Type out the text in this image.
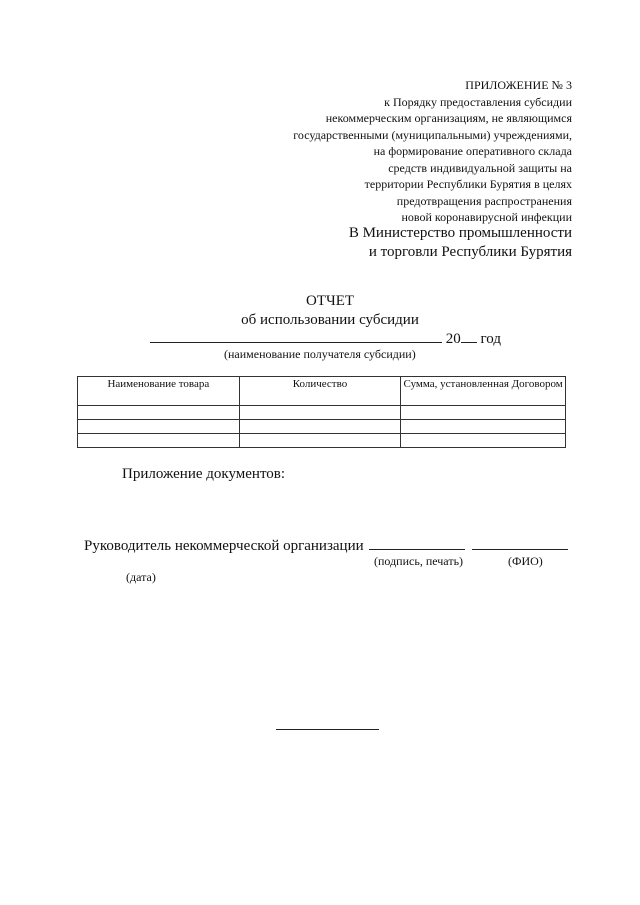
ПРИЛОЖЕНИЕ № 3
к Порядку предоставления субсидии
некоммерческим организациям, не являющимся
государственными (муниципальными) учреждениями,
на формирование оперативного склада
средств индивидуальной защиты на
территории Республики Бурятия в целях
предотвращения распространения
новой коронавирусной инфекции
В Министерство промышленности
и торговли Республики Бурятия
ОТЧЕТ
об использовании субсидии
20 год
(наименование получателя субсидии)
Наименование товара	Количество	Сумма, установленная Договором

Приложение документов:
Руководитель некоммерческой организации
(подпись, печать)	(ФИО)
(дата)
